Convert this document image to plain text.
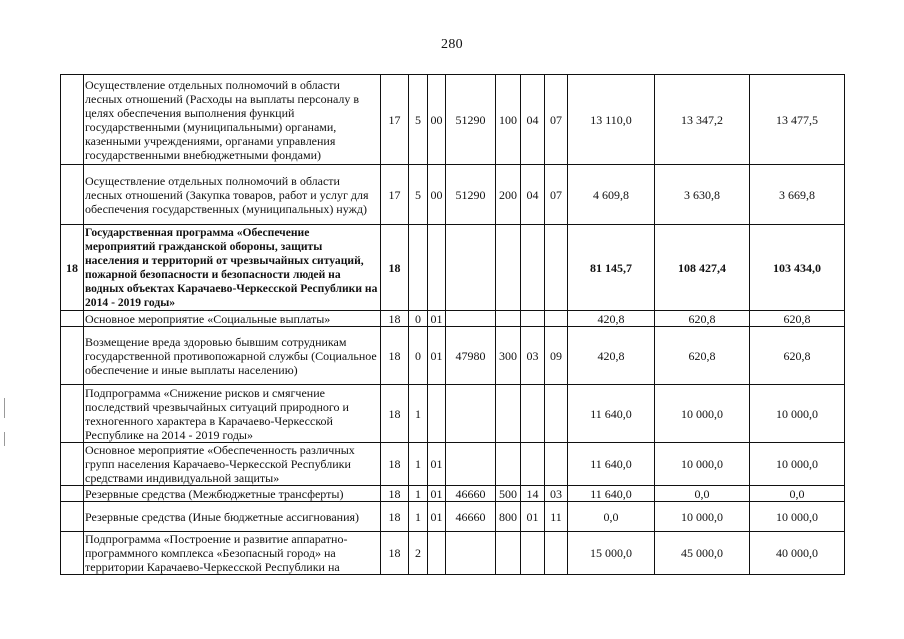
280
	Осуществление отдельных полномочий в области лесных отношений (Расходы на выплаты персоналу в целях обеспечения выполнения функций государственными (муниципальными) органами, казенными учреждениями, органами управления государственными внебюджетными фондами)	17	5	00	51290	100	04	07	13 110,0	13 347,2	13 477,5
	Осуществление отдельных полномочий в области лесных отношений (Закупка товаров, работ и услуг для обеспечения государственных (муниципальных) нужд)	17	5	00	51290	200	04	07	4 609,8	3 630,8	3 669,8
18	Государственная программа «Обеспечение мероприятий гражданской обороны, защиты населения и территорий от чрезвычайных ситуаций, пожарной безопасности и безопасности людей на водных объектах Карачаево-Черкесской Республики на 2014 - 2019 годы»	18							81 145,7	108 427,4	103 434,0
	Основное мероприятие «Социальные выплаты»	18	0	01					420,8	620,8	620,8
	Возмещение вреда здоровью бывшим сотрудникам государственной противопожарной службы (Социальное обеспечение и иные выплаты населению)	18	0	01	47980	300	03	09	420,8	620,8	620,8
	Подпрограмма «Снижение рисков и смягчение последствий чрезвычайных ситуаций природного и техногенного характера в Карачаево-Черкесской Республике на 2014 - 2019 годы»	18	1						11 640,0	10 000,0	10 000,0
	Основное мероприятие «Обеспеченность различных групп населения Карачаево-Черкесской Республики средствами индивидуальной защиты»	18	1	01					11 640,0	10 000,0	10 000,0
	Резервные средства (Межбюджетные трансферты)	18	1	01	46660	500	14	03	11 640,0	0,0	0,0
	Резервные средства (Иные бюджетные ассигнования)	18	1	01	46660	800	01	11	0,0	10 000,0	10 000,0
	Подпрограмма «Построение и развитие аппаратно-программного комплекса «Безопасный город» на территории Карачаево-Черкесской Республики на	18	2						15 000,0	45 000,0	40 000,0
